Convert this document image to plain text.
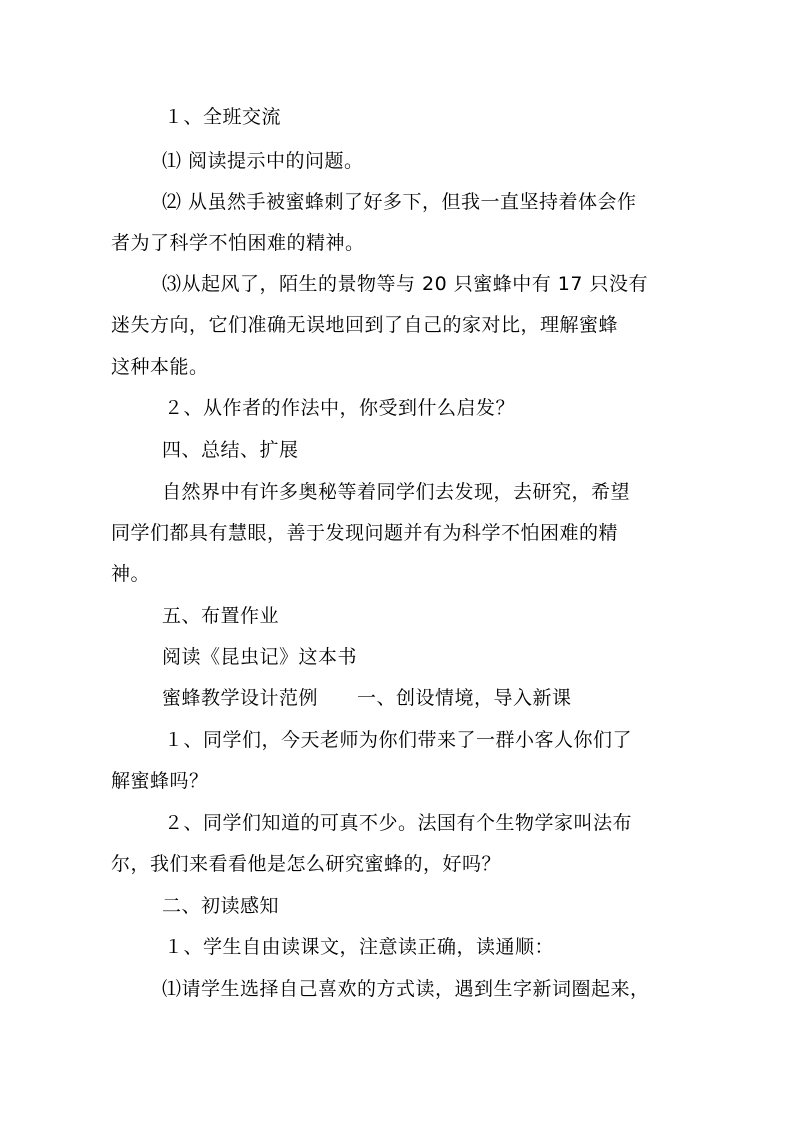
１、全班交流
⑴ 阅读提示中的问题。
⑵ 从虽然手被蜜蜂刺了好多下，但我一直坚持着体会作
者为了科学不怕困难的精神。
⑶从起风了，陌生的景物等与 20 只蜜蜂中有 17 只没有
迷失方向，它们准确无误地回到了自己的家对比，理解蜜蜂
这种本能。
２、从作者的作法中，你受到什么启发？
四、总结、扩展
自然界中有许多奥秘等着同学们去发现，去研究，希望
同学们都具有慧眼，善于发现问题并有为科学不怕困难的精
神。
五、布置作业
阅读《昆虫记》这本书
蜜蜂教学设计范例　　一、创设情境，导入新课
１、同学们，今天老师为你们带来了一群小客人你们了
解蜜蜂吗？
２、同学们知道的可真不少。法国有个生物学家叫法布
尔，我们来看看他是怎么研究蜜蜂的，好吗？
二、初读感知
１、学生自由读课文，注意读正确，读通顺：
⑴请学生选择自己喜欢的方式读，遇到生字新词圈起来，
